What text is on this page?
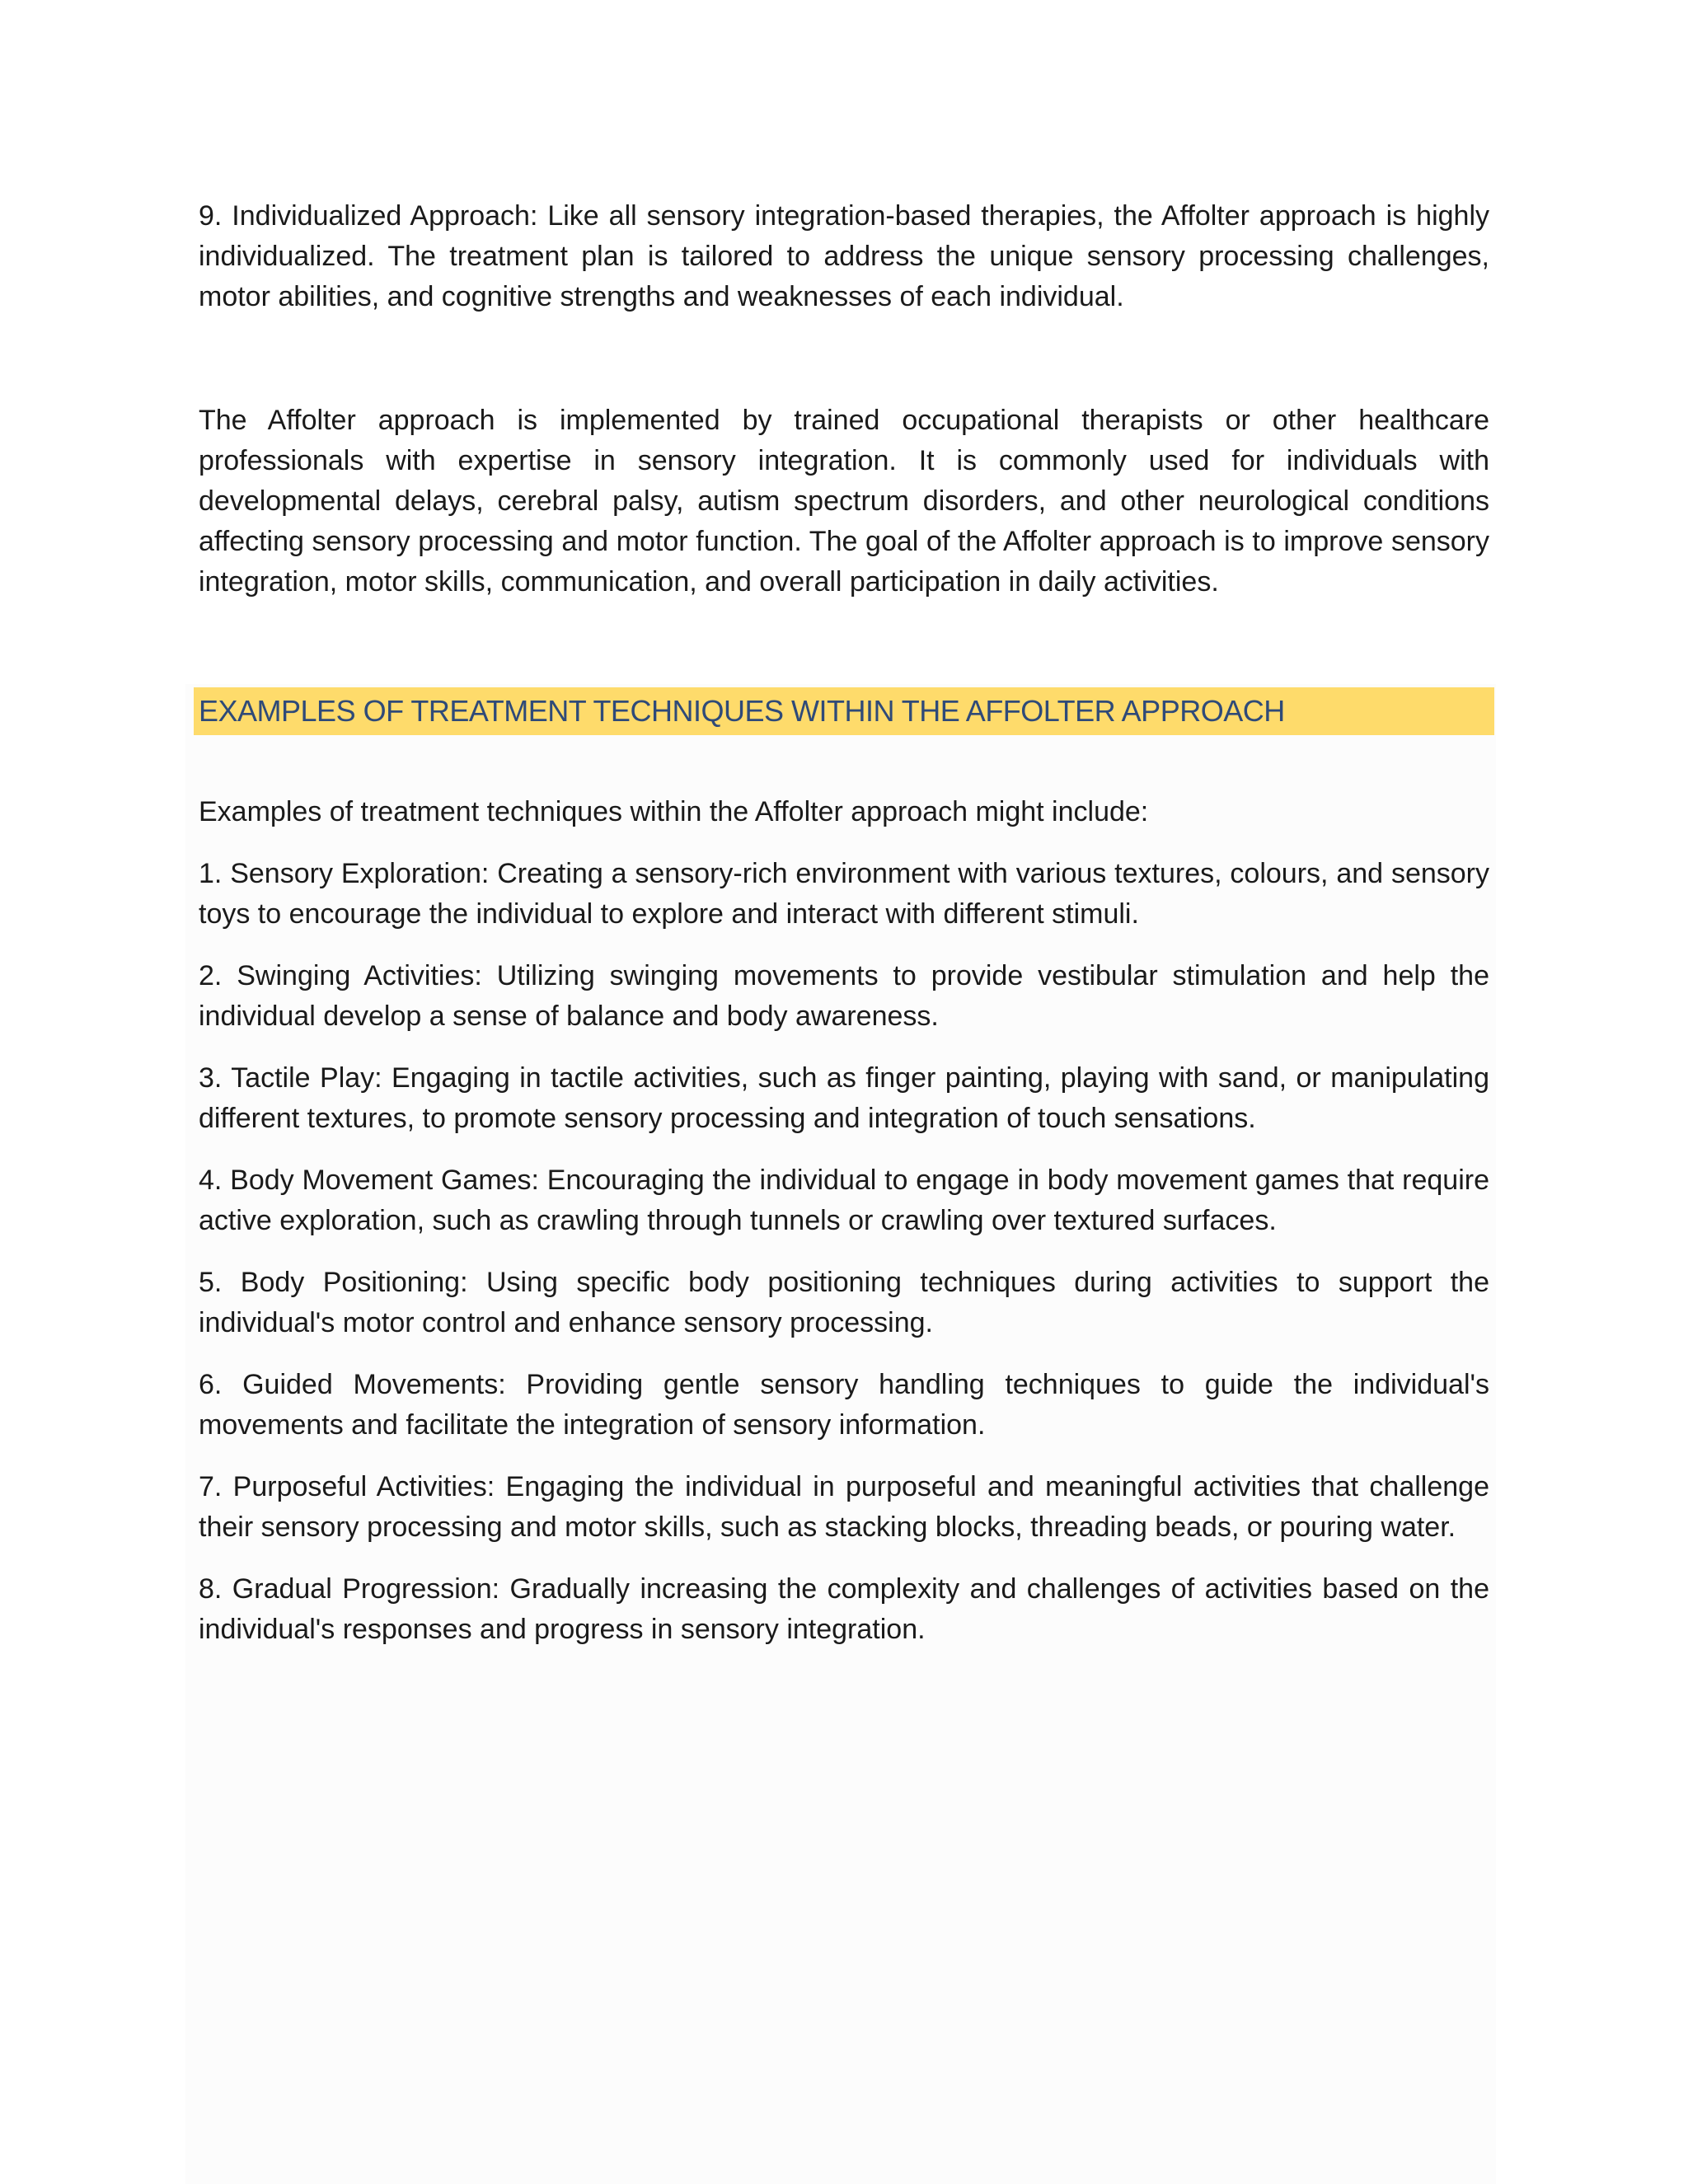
9. Individualized Approach: Like all sensory integration-based therapies, the Affolter approach is highly individualized. The treatment plan is tailored to address the unique sensory processing challenges, motor abilities, and cognitive strengths and weaknesses of each individual.

The Affolter approach is implemented by trained occupational therapists or other healthcare professionals with expertise in sensory integration. It is commonly used for individuals with developmental delays, cerebral palsy, autism spectrum disorders, and other neurological conditions affecting sensory processing and motor function. The goal of the Affolter approach is to improve sensory integration, motor skills, communication, and overall participation in daily activities.

EXAMPLES OF TREATMENT TECHNIQUES WITHIN THE AFFOLTER APPROACH

Examples of treatment techniques within the Affolter approach might include:

1. Sensory Exploration: Creating a sensory-rich environment with various textures, colours, and sensory toys to encourage the individual to explore and interact with different stimuli.

2. Swinging Activities: Utilizing swinging movements to provide vestibular stimulation and help the individual develop a sense of balance and body awareness.

3. Tactile Play: Engaging in tactile activities, such as finger painting, playing with sand, or manipulating different textures, to promote sensory processing and integration of touch sensations.

4. Body Movement Games: Encouraging the individual to engage in body movement games that require active exploration, such as crawling through tunnels or crawling over textured surfaces.

5. Body Positioning: Using specific body positioning techniques during activities to support the individual's motor control and enhance sensory processing.

6. Guided Movements: Providing gentle sensory handling techniques to guide the individual's movements and facilitate the integration of sensory information.

7. Purposeful Activities: Engaging the individual in purposeful and meaningful activities that challenge their sensory processing and motor skills, such as stacking blocks, threading beads, or pouring water.

8. Gradual Progression: Gradually increasing the complexity and challenges of activities based on the individual's responses and progress in sensory integration.
